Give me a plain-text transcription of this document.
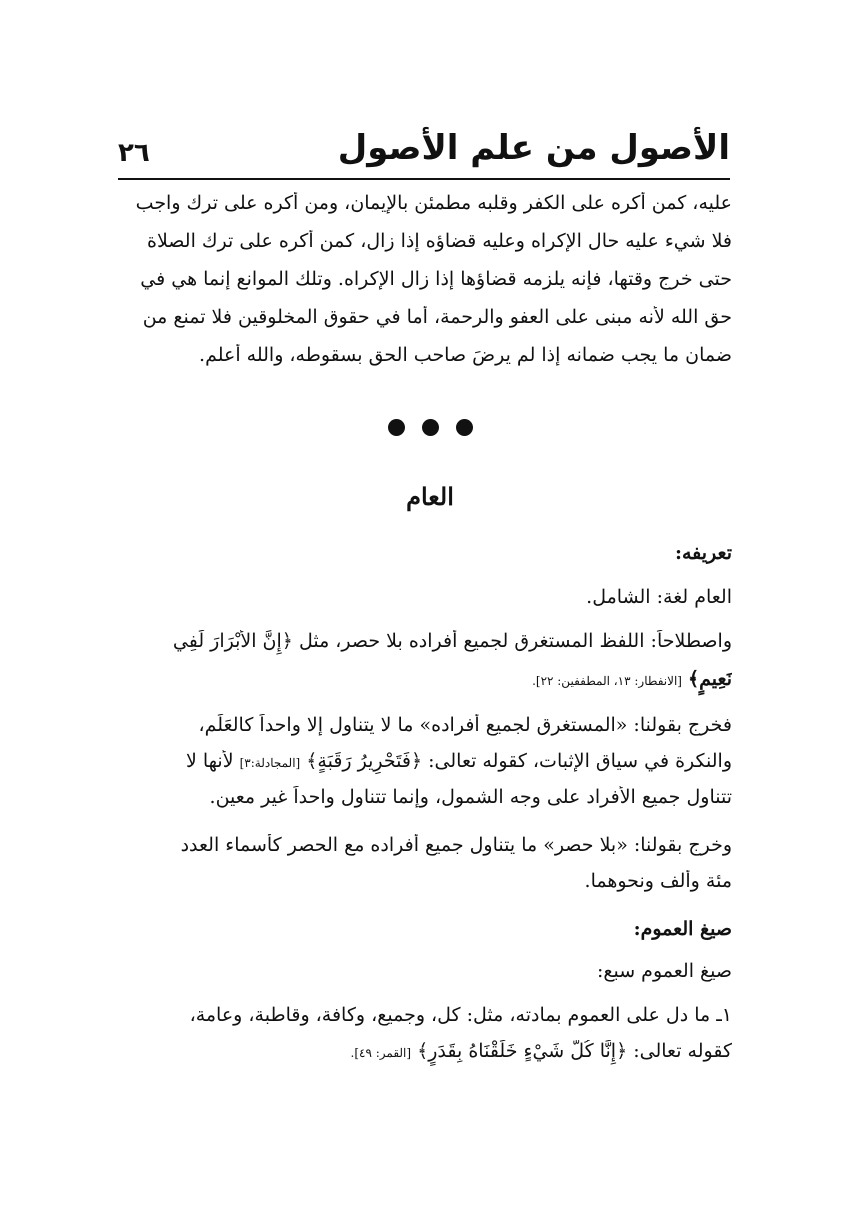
الأصول من علم الأصول
٢٦
عليه، كمن أكره على الكفر وقلبه مطمئن بالإيمان، ومن أكره على ترك واجب
فلا شيء عليه حال الإكراه وعليه قضاؤه إذا زال، كمن أكره على ترك الصلاة
حتى خرج وقتها، فإنه يلزمه قضاؤها إذا زال الإكراه. وتلك الموانع إنما هي في
حق الله لأنه مبنى على العفو والرحمة، أما في حقوق المخلوقين فلا تمنع من
ضمان ما يجب ضمانه إذا لم يرضَ صاحب الحق بسقوطه، والله أعلم.
العام
تعريفه:
العام لغة: الشامل.
واصطلاحاً: اللفظ المستغرق لجميع أفراده بلا حصر، مثل ﴿إِنَّ الأَبْرَارَ لَفِي
نَعِيمٍ﴾ [الانفطار: ١٣، المطففين: ٢٢].
فخرج بقولنا: «المستغرق لجميع أفراده» ما لا يتناول إلا واحداً كالعَلَم،
والنكرة في سياق الإثبات، كقوله تعالى: ﴿فَتَحْرِيرُ رَقَبَةٍ﴾ [المجادلة:٣] لأنها لا
تتناول جميع الأفراد على وجه الشمول، وإنما تتناول واحداً غير معين.
وخرج بقولنا: «بلا حصر» ما يتناول جميع أفراده مع الحصر كأسماء العدد
مئة وألف ونحوهما.
صيغ العموم:
صيغ العموم سبع:
١ـ ما دل على العموم بمادته، مثل: كل، وجميع، وكافة، وقاطبة، وعامة،
كقوله تعالى: ﴿إِنَّا كُلَّ شَيْءٍ خَلَقْنَاهُ بِقَدَرٍ﴾ [القمر: ٤٩].
